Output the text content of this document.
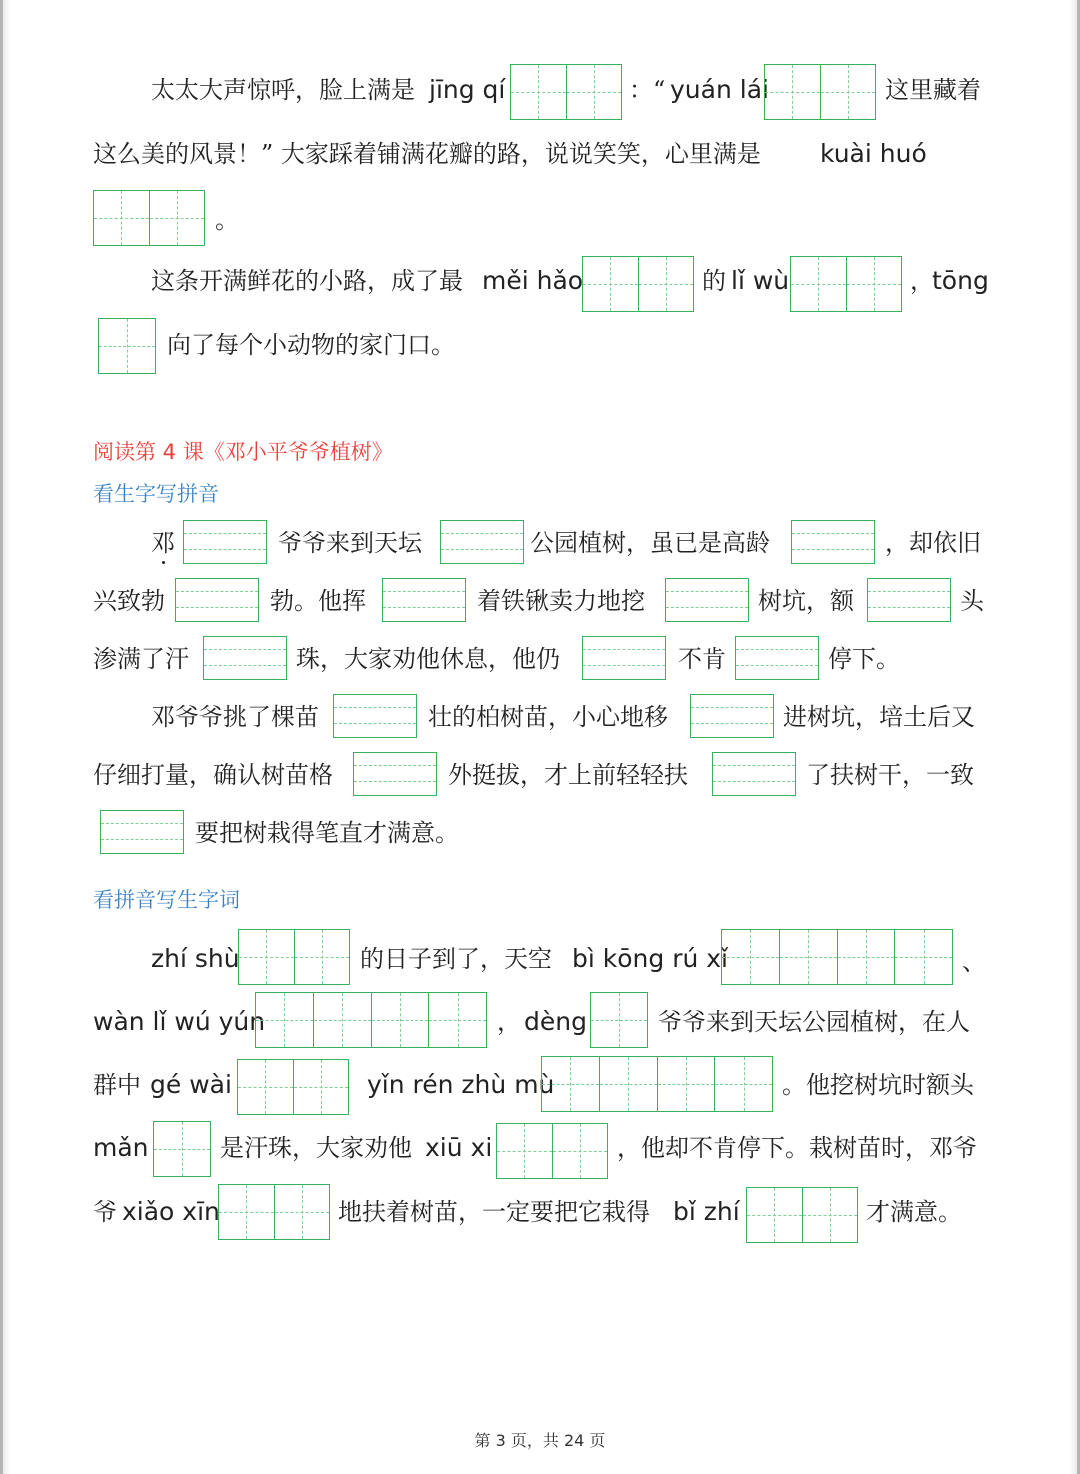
太太大声惊呼，脸上满是 jīng qí	：“ yuán lái	这里藏着
这么美的风景！” 大家踩着铺满花瓣的路，说说笑笑，心里满是 kuài huó
。
这条开满鲜花的小路，成了最 měi hǎo	的 lǐ wù	，
tōng
向了每个小动物的家门口。
阅读第 4 课《邓小平爷爷植树》
看生字写拼音
邓	爷爷来到天坛	公园植树，虽已是高龄	，却依旧
兴致勃	勃。他挥	着铁锹卖力地挖	树坑，额	头
渗满了汗	珠，大家劝他休息，他仍	不肯	停下。
邓爷爷挑了棵苗	壮的柏树苗，小心地移	进树坑，培土后又
仔细打量，确认树苗格	外挺拔，才上前轻轻扶	了扶树干，一致
要把树栽得笔直才满意。
看拼音写生字词
zhí shù	的日子到了，天空 bì kōng rú xǐ	、
wàn lǐ wú yún	， dèng	爷爷来到天坛公园植树，在人
群中 gé wài	yǐn rén zhù mù	。他挖树坑时额头
mǎn	是汗珠，大家劝他 xiū xi	，他却不肯停下。栽树苗时，邓爷
爷 xiǎo xīn	地扶着树苗，一定要把它栽得 bǐ zhí	才满意。
第 3 页，共 24 页
